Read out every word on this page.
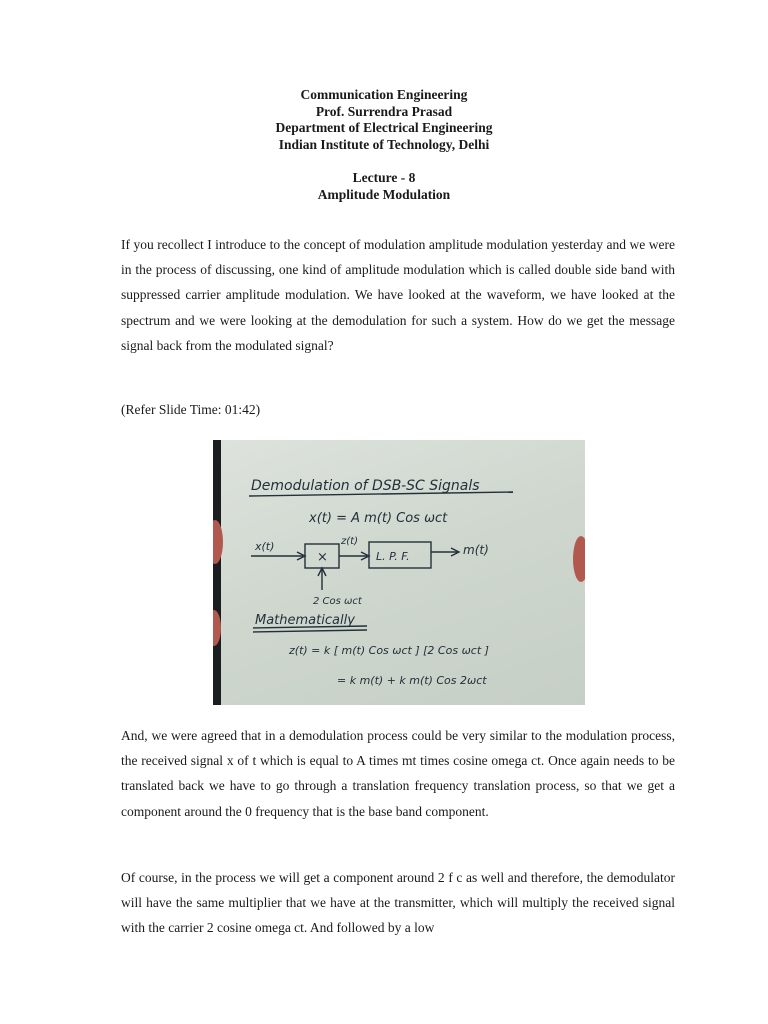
Communication Engineering
Prof. Surrendra Prasad
Department of Electrical Engineering
Indian Institute of Technology, Delhi
Lecture - 8
Amplitude Modulation

If you recollect I introduce to the concept of modulation amplitude modulation yesterday and we were in the process of discussing, one kind of amplitude modulation which is called double side band with suppressed carrier amplitude modulation. We have looked at the waveform, we have looked at the spectrum and we were looking at the demodulation for such a system. How do we get the message signal back from the modulated signal?

(Refer Slide Time: 01:42)
Demodulation of DSB-SC Signals
x(t) = A m(t) Cos ωct
x(t)
×
z(t)
L. P. F.	m(t)
2 Cos ωct
Mathematically
z(t) = k [ m(t) Cos ωct ] [2 Cos ωct ]
= k m(t) + k m(t) Cos 2ωct

And, we were agreed that in a demodulation process could be very similar to the modulation process, the received signal x of t which is equal to A times mt times cosine omega ct. Once again needs to be translated back we have to go through a translation frequency translation process, so that we get a component around the 0 frequency that is the base band component.

Of course, in the process we will get a component around 2 f c as well and therefore, the demodulator will have the same multiplier that we have at the transmitter, which will multiply the received signal with the carrier 2 cosine omega ct. And followed by a low
